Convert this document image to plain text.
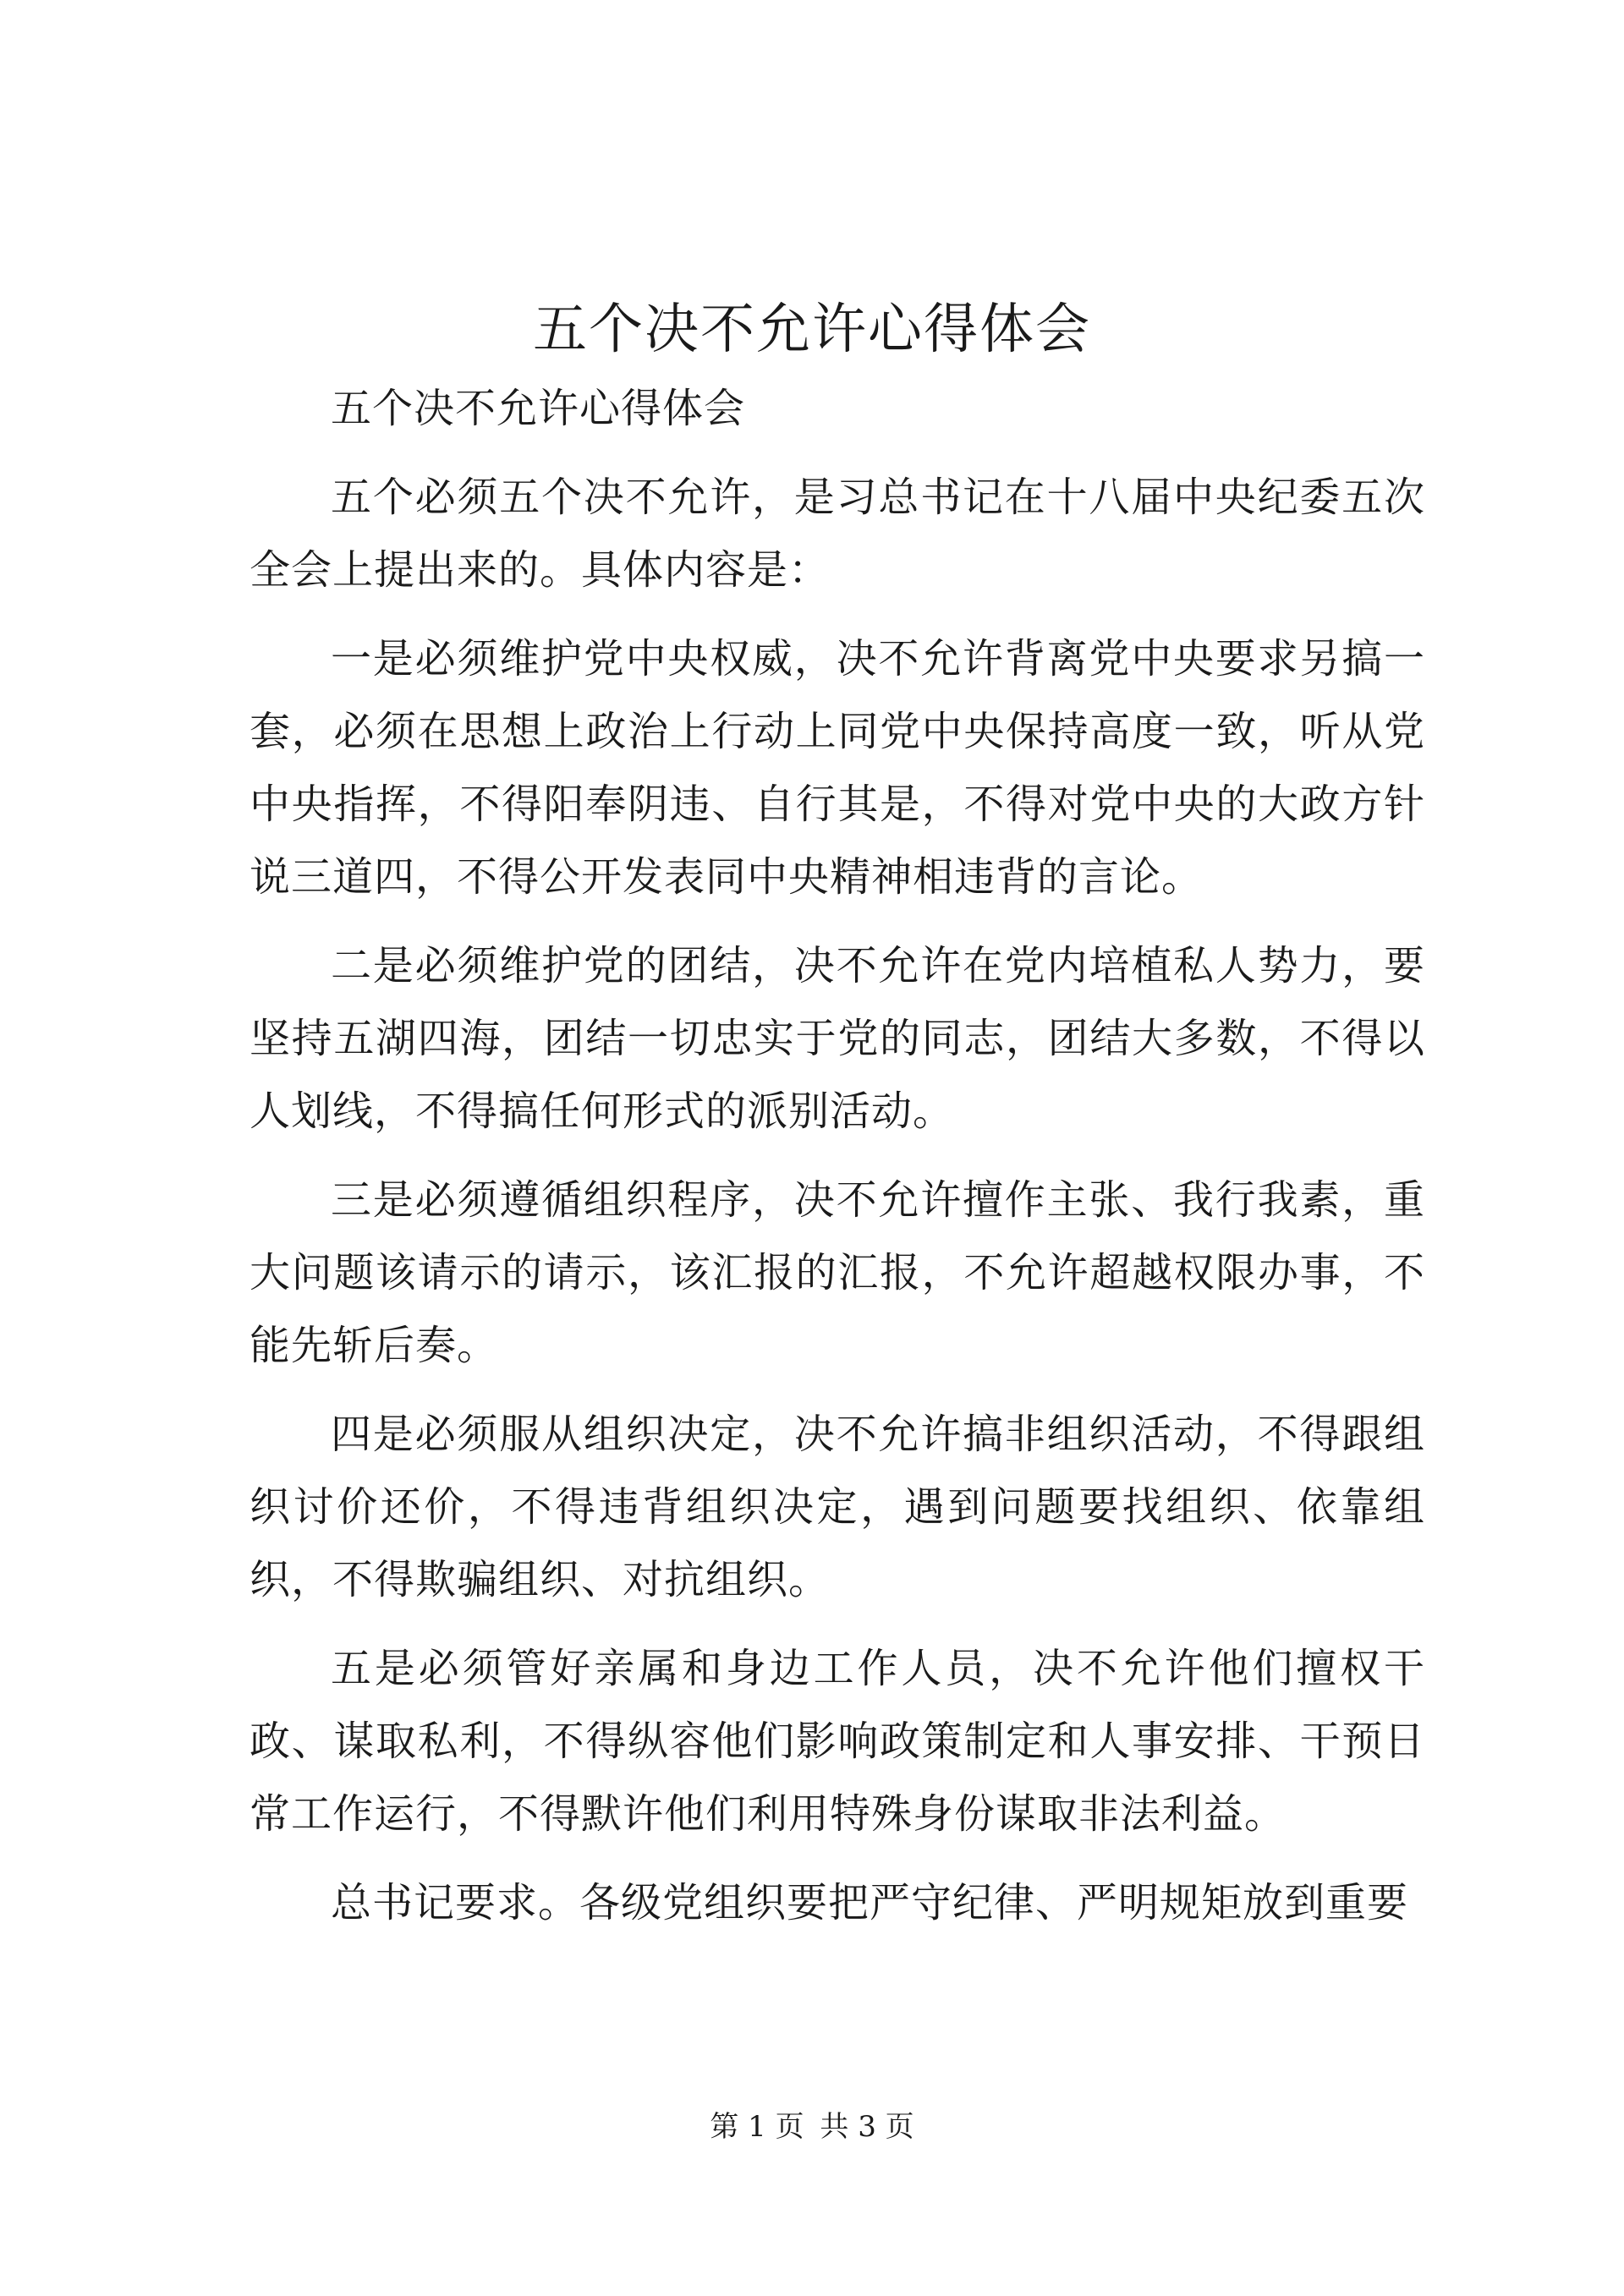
五个决不允许心得体会

五个决不允许心得体会

五个必须五个决不允许，是习总书记在十八届中央纪委五次全会上提出来的。具体内容是：

一是必须维护党中央权威，决不允许背离党中央要求另搞一套，必须在思想上政治上行动上同党中央保持高度一致，听从党中央指挥，不得阳奉阴违、自行其是，不得对党中央的大政方针说三道四，不得公开发表同中央精神相违背的言论。

二是必须维护党的团结，决不允许在党内培植私人势力，要坚持五湖四海，团结一切忠实于党的同志，团结大多数，不得以人划线，不得搞任何形式的派别活动。

三是必须遵循组织程序，决不允许擅作主张、我行我素，重大问题该请示的请示，该汇报的汇报，不允许超越权限办事，不能先斩后奏。

四是必须服从组织决定，决不允许搞非组织活动，不得跟组织讨价还价，不得违背组织决定，遇到问题要找组织、依靠组织，不得欺骗组织、对抗组织。

五是必须管好亲属和身边工作人员，决不允许他们擅权干政、谋取私利，不得纵容他们影响政策制定和人事安排、干预日常工作运行，不得默许他们利用特殊身份谋取非法利益。

总书记要求。各级党组织要把严守纪律、严明规矩放到重要

第 1 页 共 3 页
